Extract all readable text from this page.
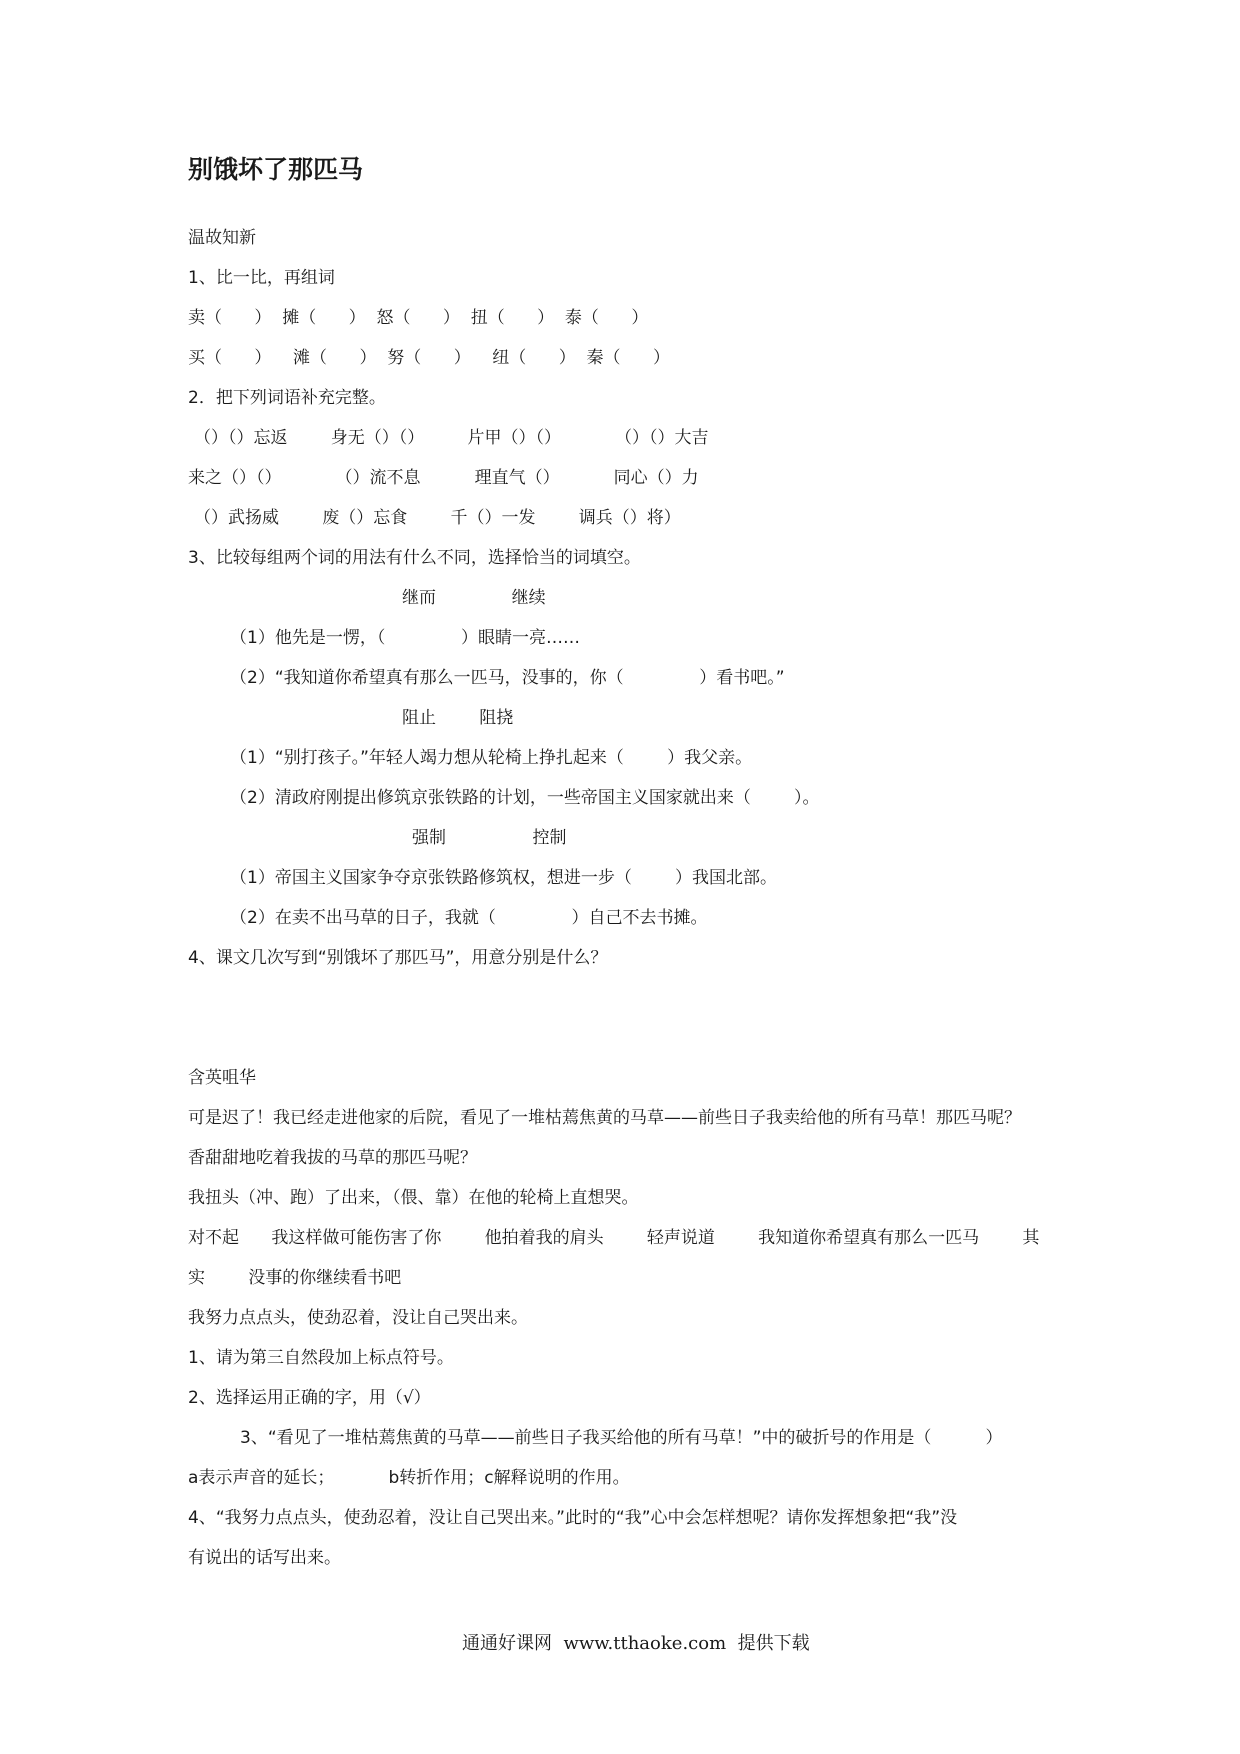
别饿坏了那匹马
温故知新
1、比一比，再组词
卖（      ）  摊（      ）  怒（      ）  扭（      ）  泰（      ）
买（      ）    滩（      ）  努（      ）    纽（      ）  秦（      ）
2．把下列词语补充完整。
（）（）忘返        身无（）（）        片甲（）（）          （）（）大吉
来之（）（）          （）流不息          理直气（）          同心（）力
（）武扬威        废（）忘食        千（）一发        调兵（）将）
3、比较每组两个词的用法有什么不同，选择恰当的词填空。
继而              继续
（1）他先是一愣，（              ）眼睛一亮……
（2）“我知道你希望真有那么一匹马，没事的，你（              ）看书吧。”
阻止        阻挠
（1）“别打孩子。”年轻人竭力想从轮椅上挣扎起来（        ）我父亲。
（2）清政府刚提出修筑京张铁路的计划，一些帝国主义国家就出来（        ）。
强制                控制
（1）帝国主义国家争夺京张铁路修筑权，想进一步（        ）我国北部。
（2）在卖不出马草的日子，我就（              ）自己不去书摊。
4、课文几次写到“别饿坏了那匹马”，用意分别是什么？
含英咀华
可是迟了！我已经走进他家的后院，看见了一堆枯蔫焦黄的马草——前些日子我卖给他的所有马草！那匹马呢？
香甜甜地吃着我拔的马草的那匹马呢？
我扭头（冲、跑）了出来，（偎、靠）在他的轮椅上直想哭。
对不起      我这样做可能伤害了你        他拍着我的肩头        轻声说道        我知道你希望真有那么一匹马        其
实        没事的你继续看书吧
我努力点点头，使劲忍着，没让自己哭出来。
1、请为第三自然段加上标点符号。
2、选择运用正确的字，用（√）
3、“看见了一堆枯蔫焦黄的马草——前些日子我买给他的所有马草！”中的破折号的作用是（          ）
a表示声音的延长；          b转折作用；c解释说明的作用。
4、“我努力点点头，使劲忍着，没让自己哭出来。”此时的“我”心中会怎样想呢？请你发挥想象把“我”没
有说出的话写出来。
通通好课网  www.tthaoke.com  提供下载
